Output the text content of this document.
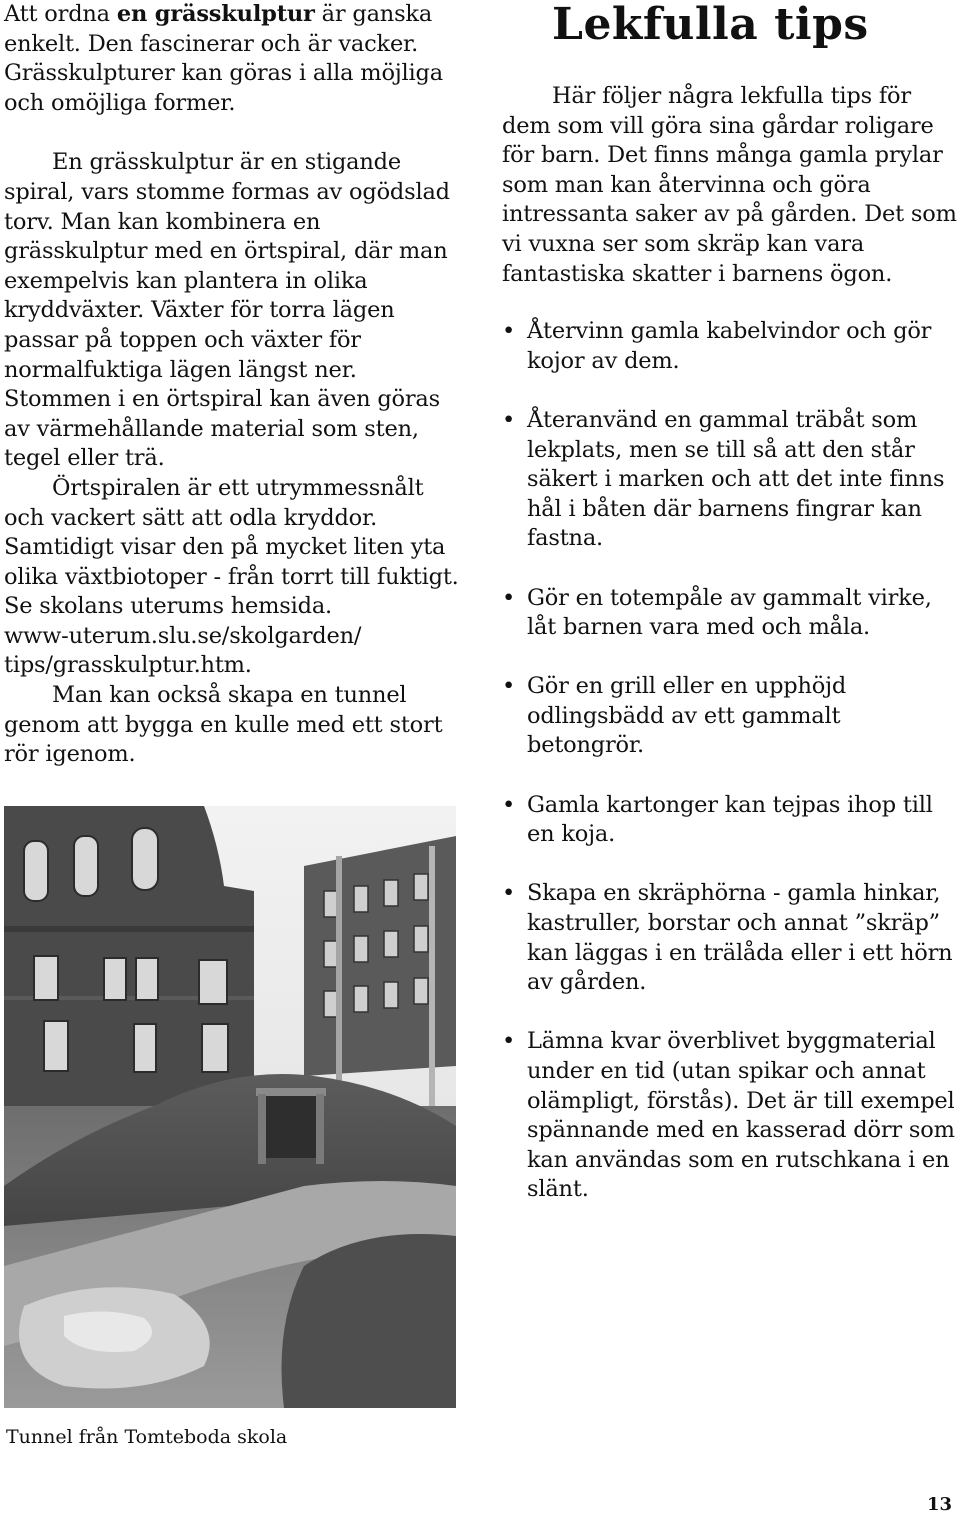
Att ordna en grässkulptur är ganska enkelt. Den fascinerar och är vacker. Grässkulpturer kan göras i alla möjliga och omöjliga former.

En grässkulptur är en stigande spiral, vars stomme formas av ogödslad torv. Man kan kombinera en grässkulptur med en örtspiral, där man exempelvis kan plantera in olika kryddväxter. Växter för torra lägen passar på toppen och växter för normalfuktiga lägen längst ner. Stommen i en örtspiral kan även göras av värmehållande material som sten, tegel eller trä.

Örtspiralen är ett utrymmessnålt och vackert sätt att odla kryddor. Samtidigt visar den på mycket liten yta olika växtbiotoper - från torrt till fuktigt. Se skolans uterums hemsida.

www-uterum.slu.se/skolgarden/

tips/grasskulptur.htm.

Man kan också skapa en tunnel genom att bygga en kulle med ett stort rör igenom.

Tunnel från Tomteboda skola
Lekfulla tips

Här följer några lekfulla tips för dem som vill göra sina gårdar roligare för barn. Det finns många gamla prylar som man kan återvinna och göra intressanta saker av på gården. Det som vi vuxna ser som skräp kan vara fantastiska skatter i barnens ögon.

• Återvinn gamla kabelvindor och gör kojor av dem.
• Återanvänd en gammal träbåt som lekplats, men se till så att den står säkert i marken och att det inte finns hål i båten där barnens fingrar kan fastna.
• Gör en totempåle av gammalt virke, låt barnen vara med och måla.
• Gör en grill eller en upphöjd odlingsbädd av ett gammalt betongrör.
• Gamla kartonger kan tejpas ihop till en koja.
• Skapa en skräphörna - gamla hinkar, kastruller, borstar och annat ”skräp” kan läggas i en trälåda eller i ett hörn av gården.
• Lämna kvar överblivet byggmaterial under en tid (utan spikar och annat olämpligt, förstås). Det är till exempel spännande med en kasserad dörr som kan användas som en rutschkana i en slänt.
13
